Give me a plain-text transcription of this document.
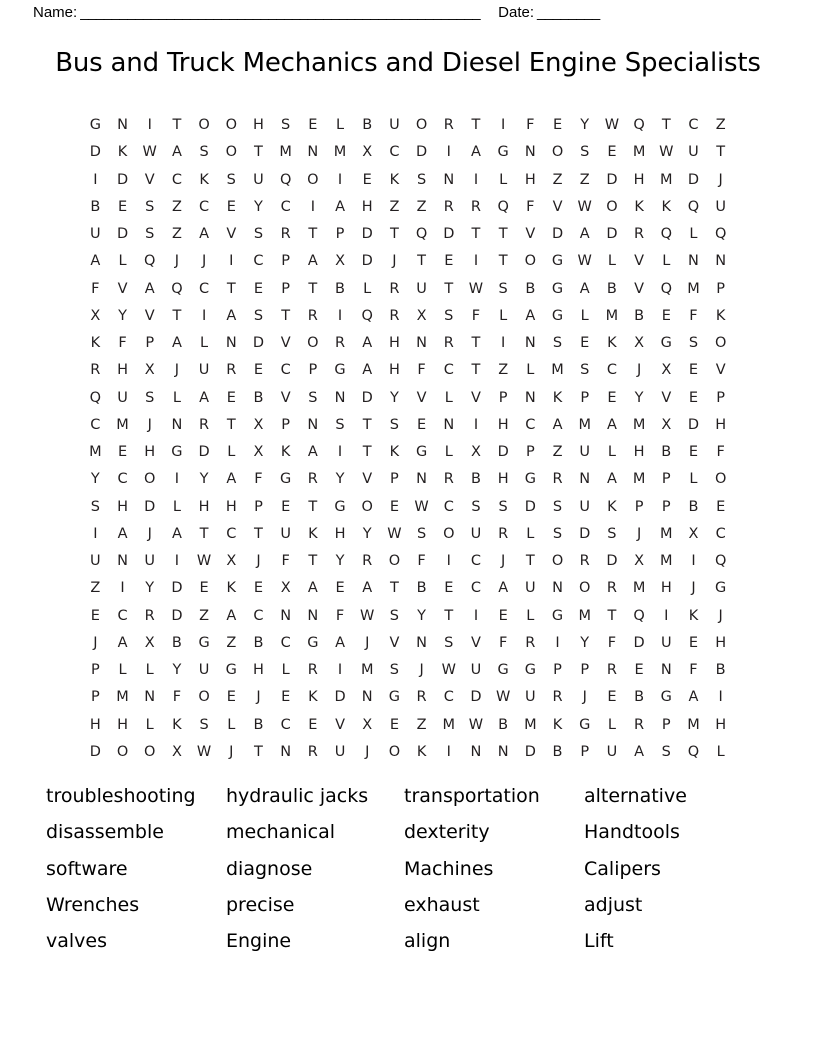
Name: ___________________________________________________ Date: ________
Bus and Truck Mechanics and Diesel Engine Specialists
G	N	I	T	O	O	H	S	E	L	B	U	O	R	T	I	F	E	Y	W Q	T	C	Z
D	K	W	A	S	O	T	M	N	M	X	C	D	I	A	G	N	O	S	E	M W	U	T
I	D	V	C	K	S	U	Q	O	I	E	K	S	N	I	L	H	Z	Z	D	H	M	D	J
B	E	S	Z	C	E	Y	C	I	A	H	Z	Z	R	R	Q	F	V	W O	K	K	Q	U
U	D	S	Z	A	V	S	R	T	P	D	T	Q	D	T	T	V	D	A	D	R	Q	L	Q
A	L	Q	J	J	I	C	P	A	X	D	J	T	E	I	T	O	G W	L	V	L	N	N
F	V	A	Q	C	T	E	P	T	B	L	R	U	T	W	S	B	G	A	B	V	Q	M	P
X	Y	V	T	I	A	S	T	R	I	Q	R	X	S	F	L	A	G	L	M	B	E	F	K
K	F	P	A	L	N	D	V	O	R	A	H	N	R	T	I	N	S	E	K	X	G	S	O
R	H	X	J	U	R	E	C	P	G	A	H	F	C	T	Z	L	M	S	C	J	X	E	V
Q	U	S	L	A	E	B	V	S	N	D	Y	V	L	V	P	N	K	P	E	Y	V	E	P
C	M	J	N	R	T	X	P	N	S	T	S	E	N	I	H	C	A	M	A	M	X	D	H
M	E	H	G	D	L	X	K	A	I	T	K	G	L	X	D	P	Z	U	L	H	B	E	F
Y	C	O	I	Y	A	F	G	R	Y	V	P	N	R	B	H	G	R	N	A	M	P	L	O
S	H	D	L	H	H	P	E	T	G	O	E	W	C	S	S	D	S	U	K	P	P	B	E
I	A	J	A	T	C	T	U	K	H	Y	W	S	O	U	R	L	S	D	S	J	M	X	C
U	N	U	I	W	X	J	F	T	Y	R	O	F	I	C	J	T	O	R	D	X	M	I	Q
Z	I	Y	D	E	K	E	X	A	E	A	T	B	E	C	A	U	N	O	R	M	H	J	G
E	C	R	D	Z	A	C	N	N	F	W	S	Y	T	I	E	L	G	M	T	Q	I	K	J
J	A	X	B	G	Z	B	C	G	A	J	V	N	S	V	F	R	I	Y	F	D	U	E	H
P	L	L	Y	U	G	H	L	R	I	M	S	J	W	U	G	G	P	P	R	E	N	F	B
P	M	N	F	O	E	J	E	K	D	N	G	R	C	D W	U	R	J	E	B	G	A	I
H	H	L	K	S	L	B	C	E	V	X	E	Z	M W	B	M	K	G	L	R	P	M	H
D	O	O	X	W	J	T	N	R	U	J	O	K	I	N	N	D	B	P	U	A	S	Q	L
troubleshooting	hydraulic jacks	transportation	alternative
disassemble	mechanical	dexterity	Handtools
software	diagnose	Machines	Calipers
Wrenches	precise	exhaust	adjust
valves	Engine	align	Lift
